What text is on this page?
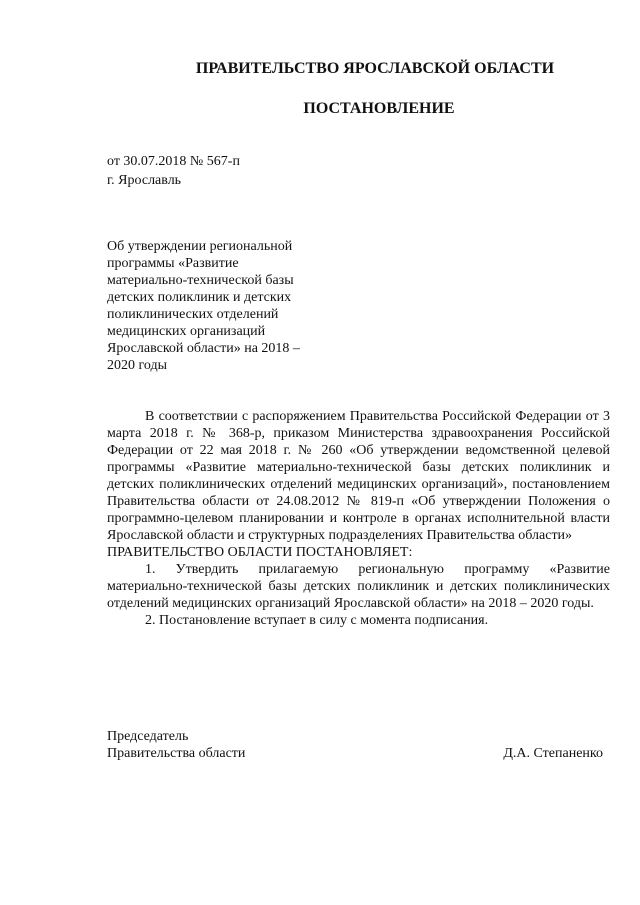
ПРАВИТЕЛЬСТВО ЯРОСЛАВСКОЙ ОБЛАСТИ
ПОСТАНОВЛЕНИЕ
от 30.07.2018 № 567-п
г. Ярославль
Об утверждении региональной
программы «Развитие
материально-технической базы
детских поликлиник и детских
поликлинических отделений
медицинских организаций
Ярославской области» на 2018 –
2020 годы

В соответствии с распоряжением Правительства Российской Федерации от 3 марта 2018 г. № 368-р, приказом Министерства здравоохранения Российской Федерации от 22 мая 2018 г. № 260 «Об утверждении ведомственной целевой программы «Развитие материально-технической базы детских поликлиник и детских поликлинических отделений медицинских организаций», постановлением Правительства области от 24.08.2012 № 819-п «Об утверждении Положения о программно-целевом планировании и контроле в органах исполнительной власти Ярославской области и структурных подразделениях Правительства области»

ПРАВИТЕЛЬСТВО ОБЛАСТИ ПОСТАНОВЛЯЕТ:

1. Утвердить прилагаемую региональную программу «Развитие материально-технической базы детских поликлиник и детских поликлинических отделений медицинских организаций Ярославской области» на 2018 – 2020 годы.

2. Постановление вступает в силу с момента подписания.

Председатель
Правительства области	Д.А. Степаненко
